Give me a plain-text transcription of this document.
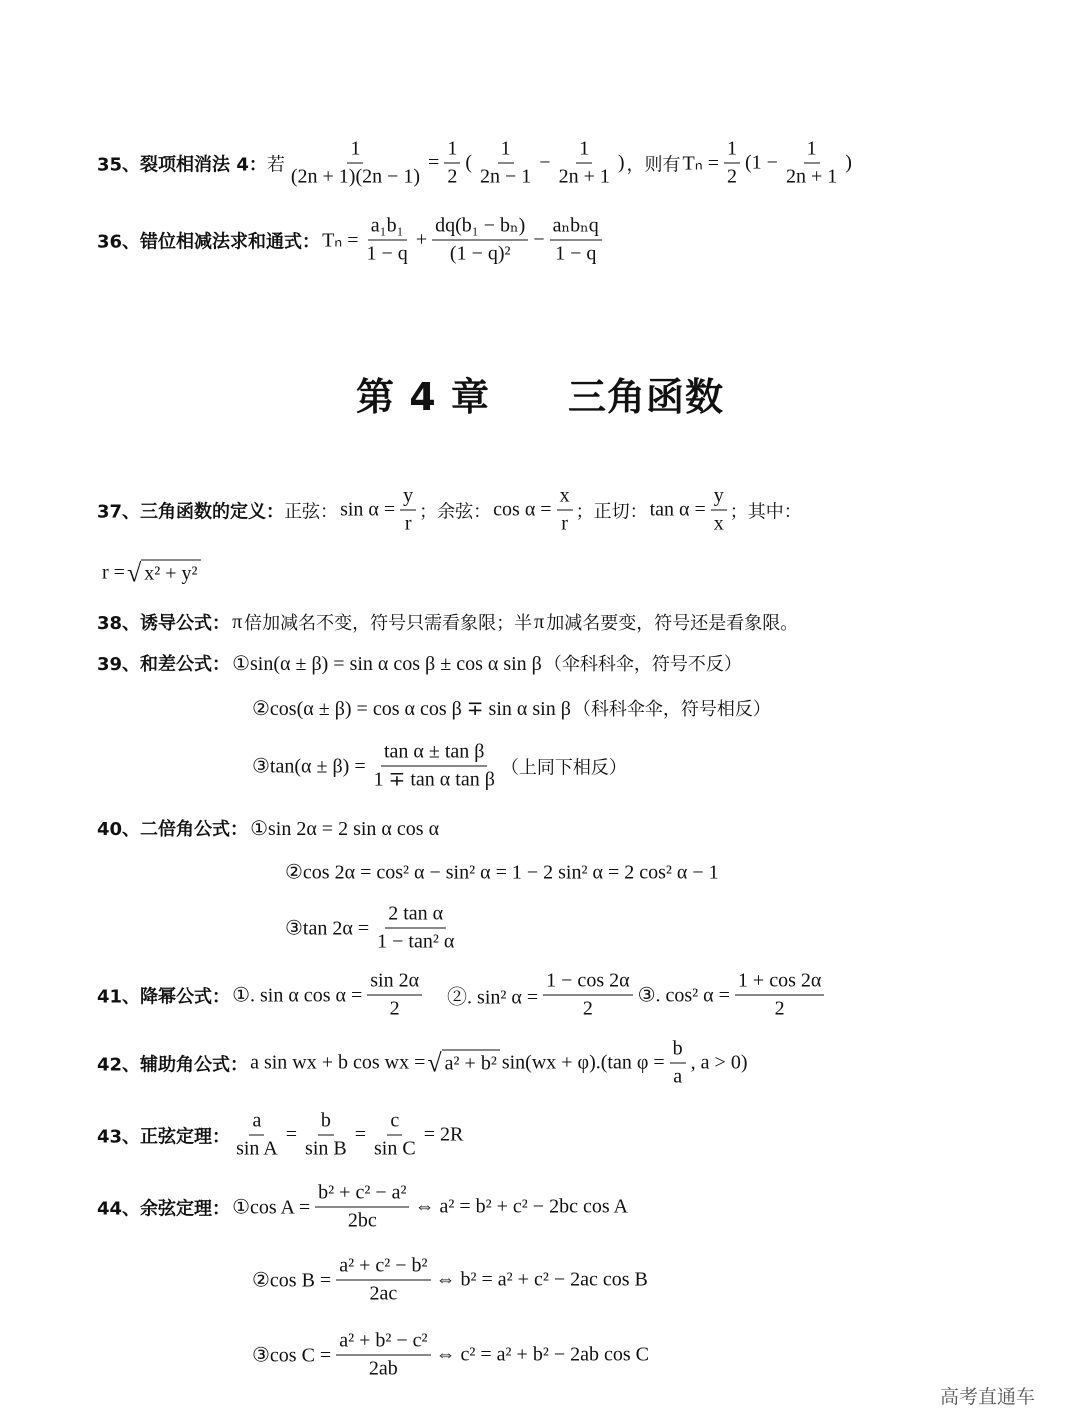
第 4 章　　三角函数
35、裂项相消法 4： 若 $\frac{1}{(2n + 1)(2n - 1)} = \frac{1}{2}$ ( $\frac{1}{2n - 1} - \frac{1}{2n + 1}$ ) ，则有 $T_n = \frac{1}{2} (1 - \frac{1}{2n + 1}$ )
36、错位相减法求和通式： $T_n = \frac{\text{a₁b₁}}{1 - q} + \frac{\text{dq(b₁ − bₙ)}}{\text{(1 − q)²}}$ −
aₙbₙq
1 − q
37、三角函数的定义： 正弦： $\sin \alpha = \frac{y}{r}$ ；余弦： $\cos \alpha = \frac{x}{r}$ ；正切： $\tan \alpha = \frac{y}{x}$ ；其中：
r = √ x² + y²
38、诱导公式： π 倍加减名不变，符号只需看象限；半 π 加减名要变，符号还是看象限。
39、和差公式： ①sin(α ± β) = sin α cos β ± cos α sin β （伞科科伞，符号不反）
②cos(α ± β) = cos α cos β ∓ sin α sin β （科科伞伞，符号相反）
③tan(α ± $\beta) = \frac{\text{tan α ± tan β}}{\text{1 ∓ tan α tan β}}$ （上同下相反）
40、二倍角公式： ①sin 2α = 2 sin α cos α
②cos 2α = cos² α − sin² α = 1 − 2 sin² α = 2 cos² α − 1
③tan $2\alpha = \frac{\text{2 tan α}}{\text{1 − tan² α}}$
41、降幂公式： ①. sin α $\cos \alpha = \frac{\sin 2\alpha}{2}$ 　②. sin² $\alpha = \frac{1 - \cos 2\alpha}{2}$ ③. cos² $\alpha = \frac{1 + \cos 2\alpha}{2}$
42、辅助角公式： a sin wx + b cos wx = √ a² + b² sin(wx + φ).(tan $\varphi = \frac{b}{a}$ , a > 0)
43、正弦定理： $\frac{a}{\text{sin A}} = \frac{b}{\text{sin B}} = \frac{c}{\text{sin C}} = 2R$
44、余弦定理： ①cos $A = \frac{\text{b² + c² − a²}}{2bc}$ ⇔ a² = b² + c² − 2bc cos A
②cos $B = \frac{\text{a² + c² − b²}}{2ac}$ ⇔ b² = a² + c² − 2ac cos B
③cos $C = \frac{\text{a² + b² − c²}}{2ab}$ ⇔ c² = a² + b² − 2ab cos C
高考直通车
